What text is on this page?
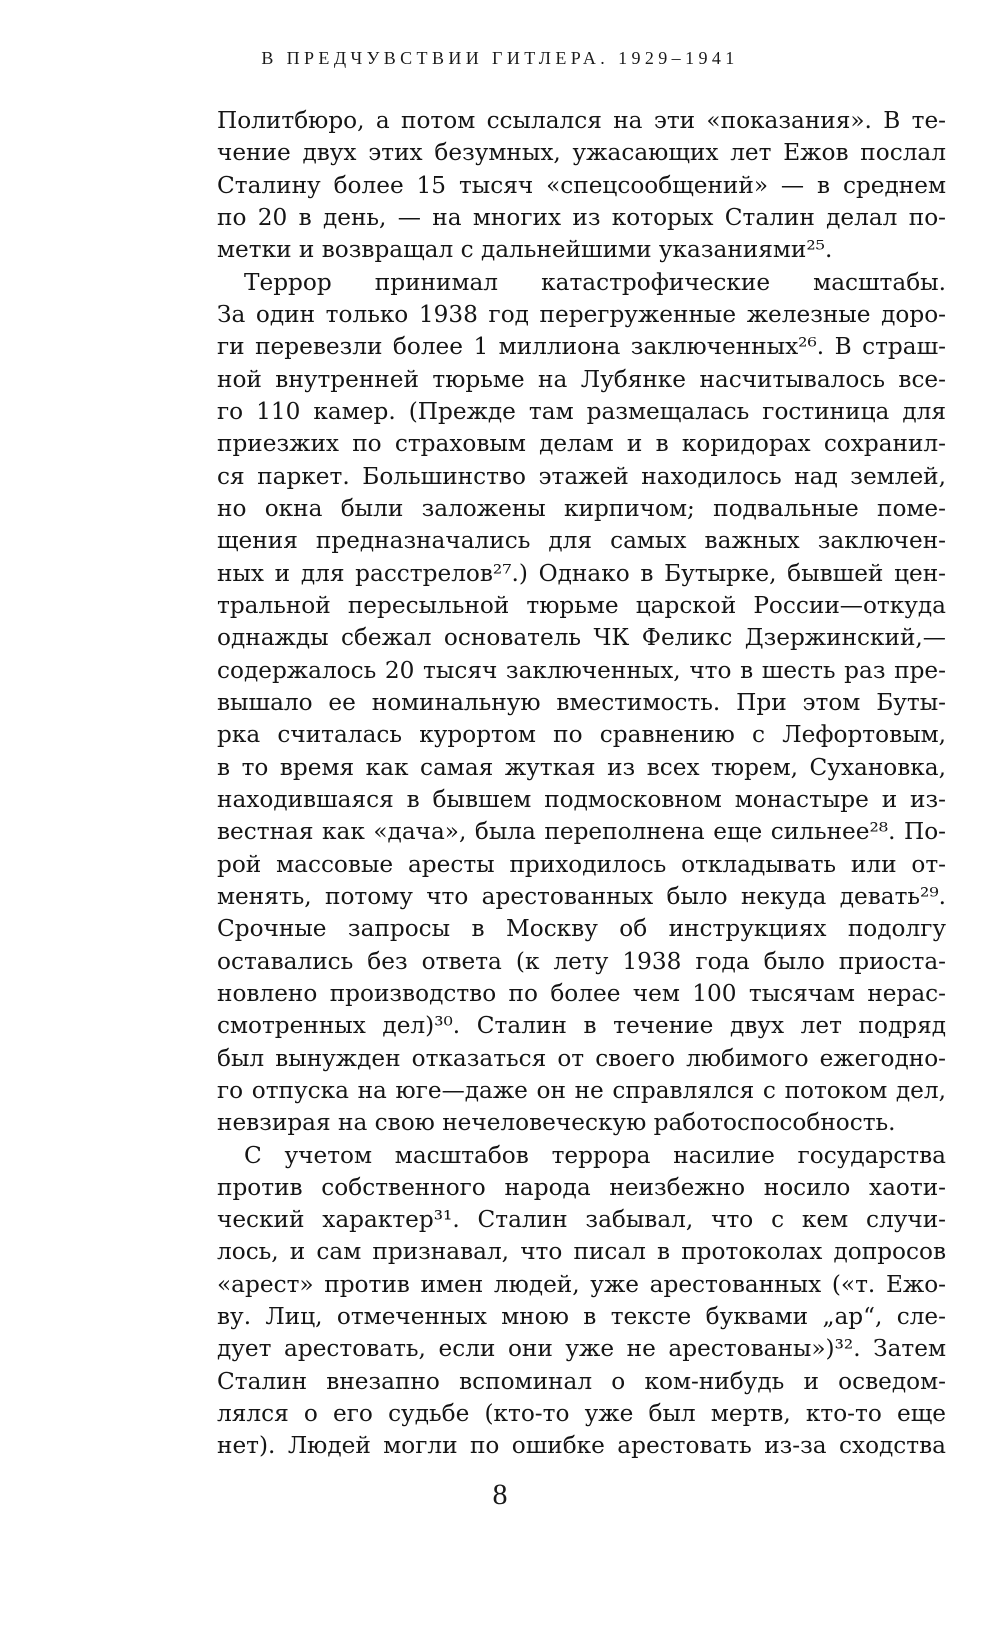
В ПРЕДЧУВСТВИИ ГИТЛЕРА. 1929–1941
Политбюро, а потом ссылался на эти «показания». В те-
чение двух этих безумных, ужасающих лет Ежов послал
Сталину более 15 тысяч «спецсообщений» — в среднем
по 20 в день, — на многих из которых Сталин делал по-
метки и возвращал с дальнейшими указаниями²⁵.
Террор принимал катастрофические масштабы.
За один только 1938 год перегруженные железные доро-
ги перевезли более 1 миллиона заключенных²⁶. В страш-
ной внутренней тюрьме на Лубянке насчитывалось все-
го 110 камер. (Прежде там размещалась гостиница для
приезжих по страховым делам и в коридорах сохранил-
ся паркет. Большинство этажей находилось над землей,
но окна были заложены кирпичом; подвальные поме-
щения предназначались для самых важных заключен-
ных и для расстрелов²⁷.) Однако в Бутырке, бывшей цен-
тральной пересыльной тюрьме царской России—откуда
однажды сбежал основатель ЧК Феликс Дзержинский,—
содержалось 20 тысяч заключенных, что в шесть раз пре-
вышало ее номинальную вместимость. При этом Буты-
рка считалась курортом по сравнению с Лефортовым,
в то время как самая жуткая из всех тюрем, Сухановка,
находившаяся в бывшем подмосковном монастыре и из-
вестная как «дача», была переполнена еще сильнее²⁸. По-
рой массовые аресты приходилось откладывать или от-
менять, потому что арестованных было некуда девать²⁹.
Срочные запросы в Москву об инструкциях подолгу
оставались без ответа (к лету 1938 года было приоста-
новлено производство по более чем 100 тысячам нерас-
смотренных дел)³⁰. Сталин в течение двух лет подряд
был вынужден отказаться от своего любимого ежегодно-
го отпуска на юге—даже он не справлялся с потоком дел,
невзирая на свою нечеловеческую работоспособность.
С учетом масштабов террора насилие государства
против собственного народа неизбежно носило хаоти-
ческий характер³¹. Сталин забывал, что с кем случи-
лось, и сам признавал, что писал в протоколах допросов
«арест» против имен людей, уже арестованных («т. Ежо-
ву. Лиц, отмеченных мною в тексте буквами „ар“, сле-
дует арестовать, если они уже не арестованы»)³². Затем
Сталин внезапно вспоминал о ком-нибудь и осведом-
лялся о его судьбе (кто-то уже был мертв, кто-то еще
нет). Людей могли по ошибке арестовать из-за сходства
8
